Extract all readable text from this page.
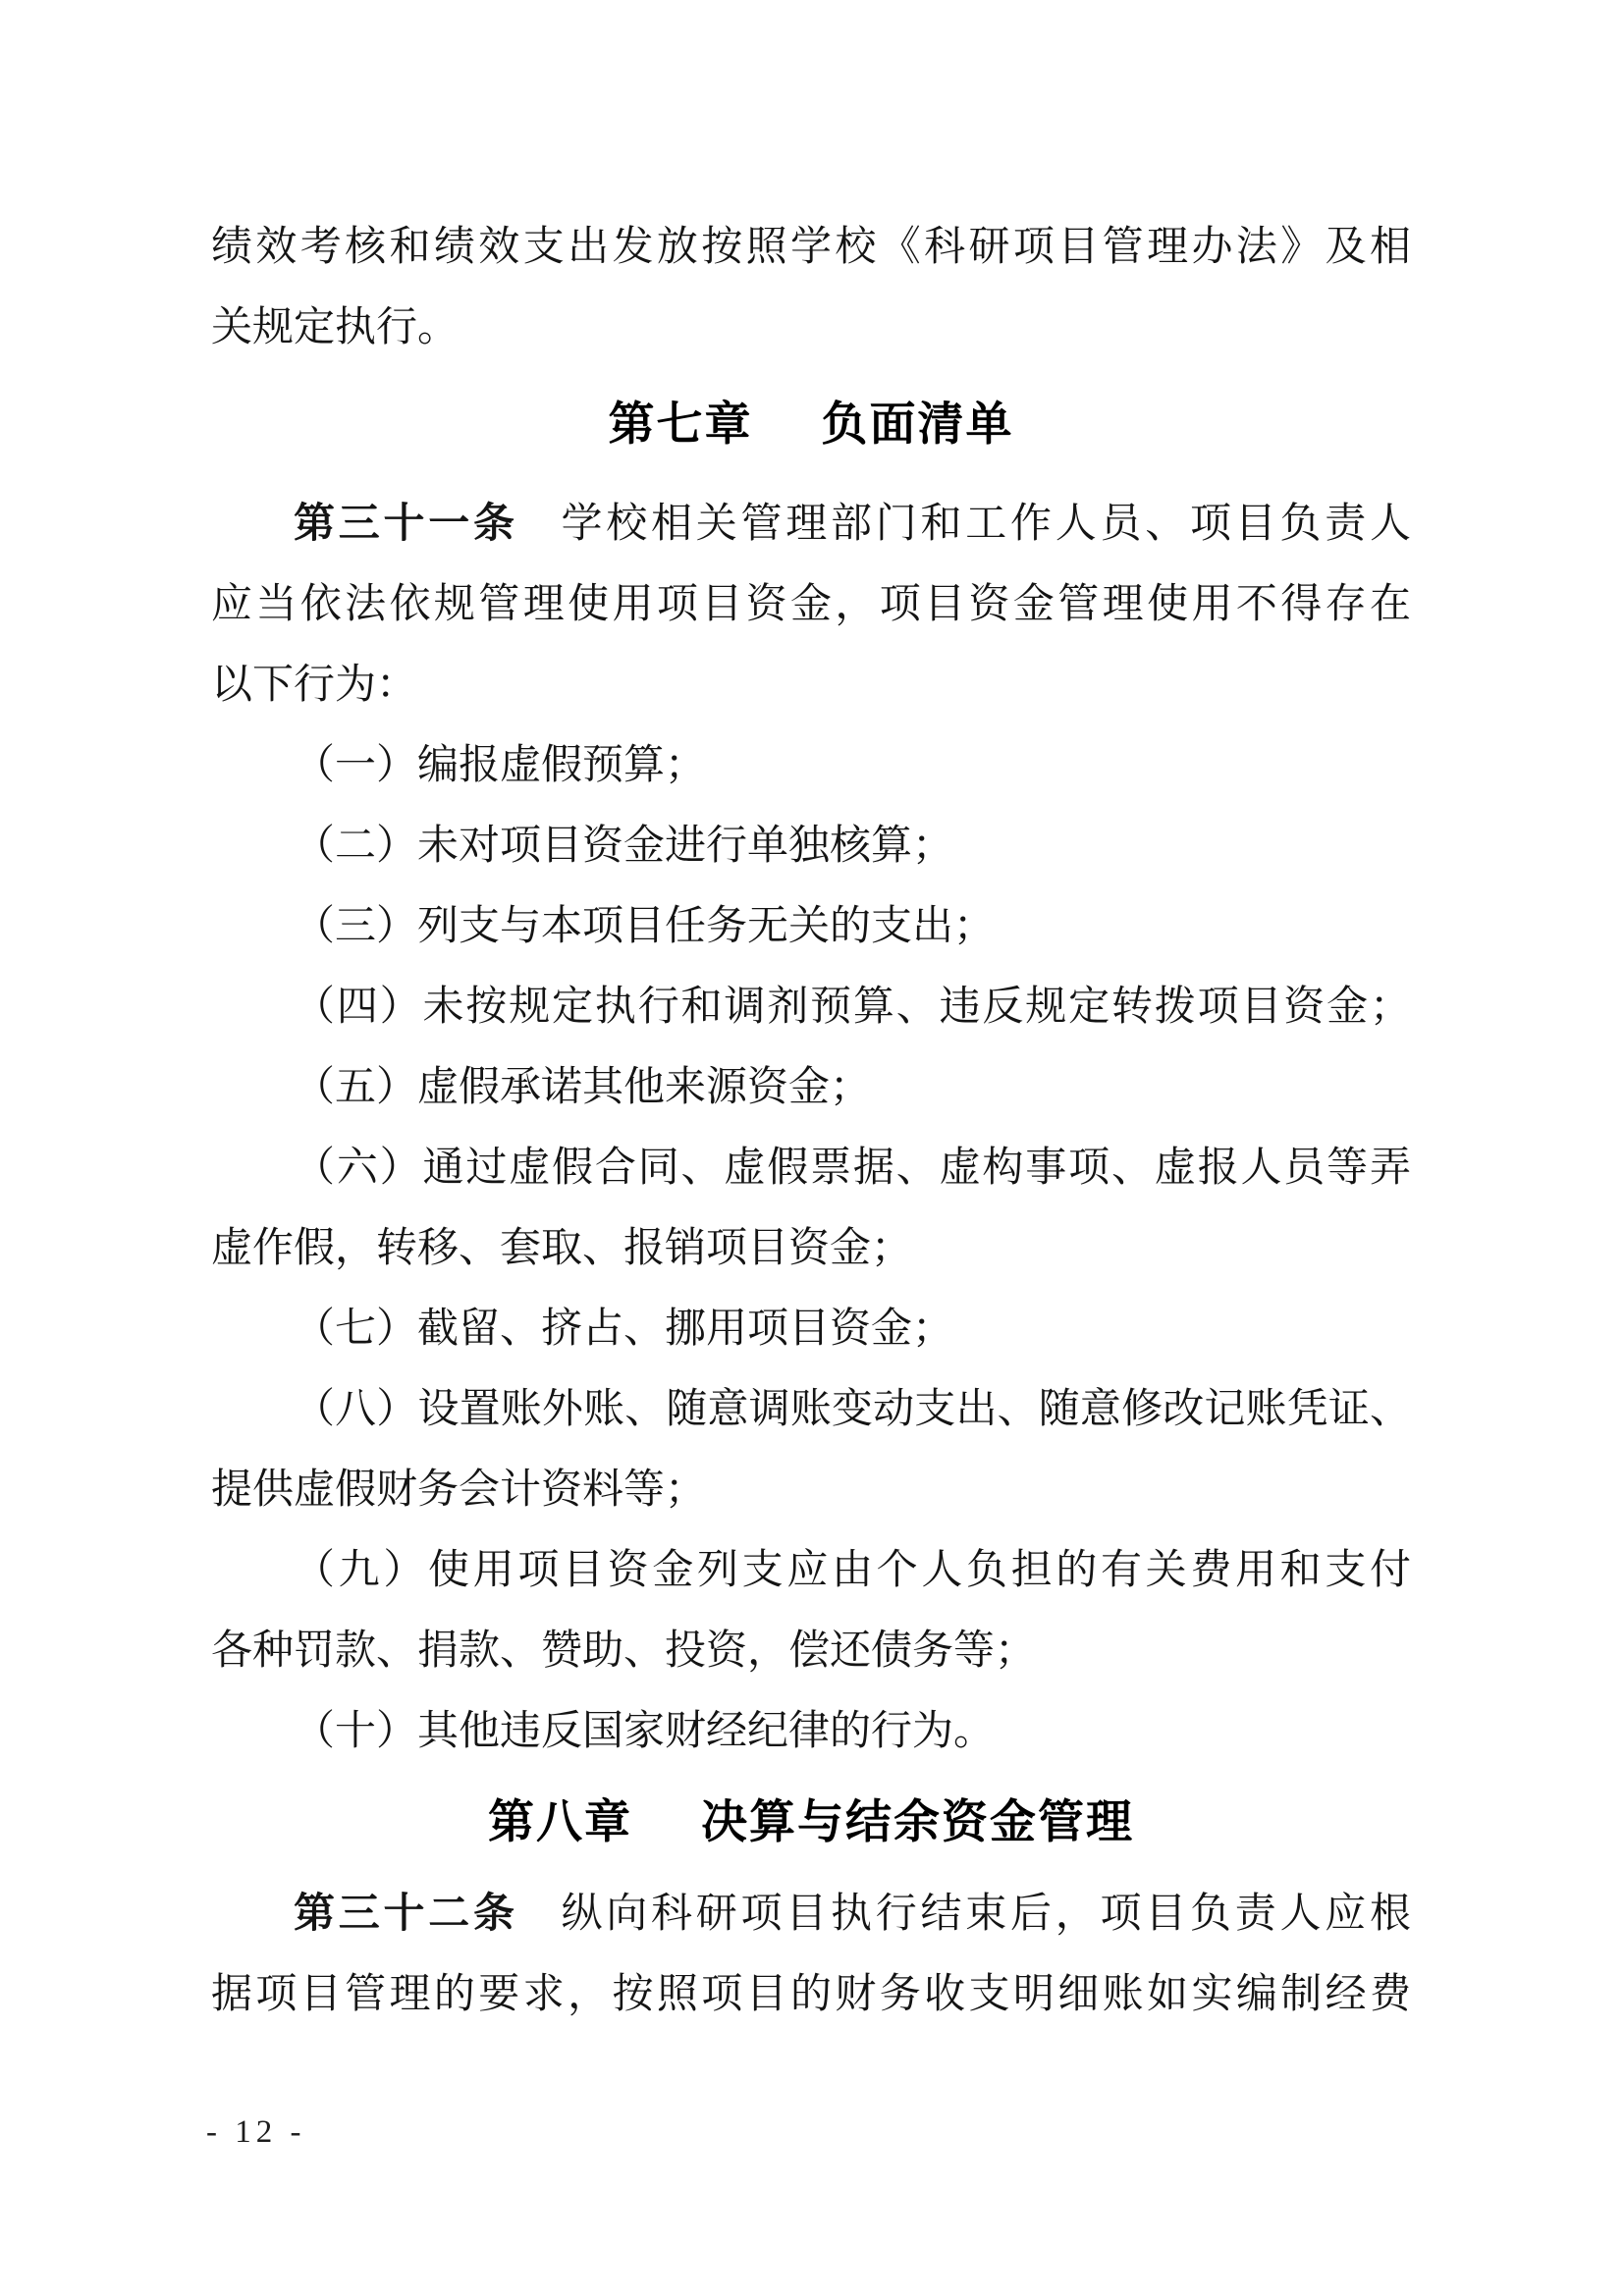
绩效考核和绩效支出发放按照学校《科研项目管理办法》及相

关规定执行。

第七章 负面清单

第三十一条 学校相关管理部门和工作人员、项目负责人

应当依法依规管理使用项目资金，项目资金管理使用不得存在

以下行为：

（一）编报虚假预算；

（二）未对项目资金进行单独核算；

（三）列支与本项目任务无关的支出；

（四）未按规定执行和调剂预算、违反规定转拨项目资金；

（五）虚假承诺其他来源资金；

（六）通过虚假合同、虚假票据、虚构事项、虚报人员等弄

虚作假，转移、套取、报销项目资金；

（七）截留、挤占、挪用项目资金；

（八）设置账外账、随意调账变动支出、随意修改记账凭证、

提供虚假财务会计资料等；

（九）使用项目资金列支应由个人负担的有关费用和支付

各种罚款、捐款、赞助、投资，偿还债务等；

（十）其他违反国家财经纪律的行为。

第八章 决算与结余资金管理

第三十二条 纵向科研项目执行结束后，项目负责人应根

据项目管理的要求，按照项目的财务收支明细账如实编制经费

- 12 -
